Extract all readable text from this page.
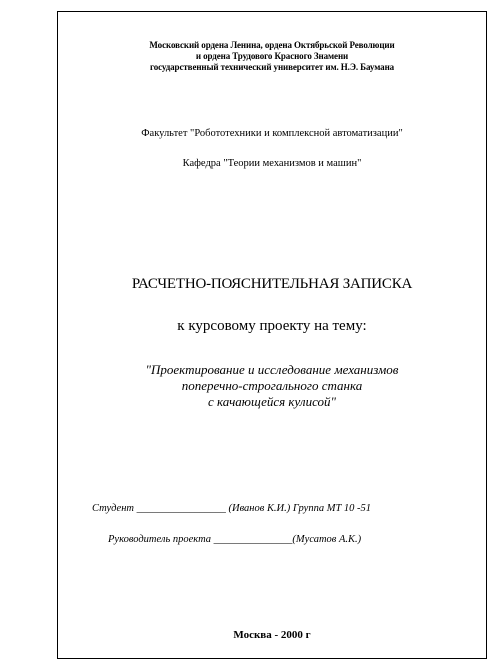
Московский ордена Ленина, ордена Октябрьской Революции
и ордена Трудового Красного Знамени
государственный технический университет им. Н.Э. Баумана
Факультет "Робототехники и комплексной автоматизации"
Кафедра "Теории механизмов и машин"
РАСЧЕТНО-ПОЯСНИТЕЛЬНАЯ ЗАПИСКА
к курсовому проекту на тему:
"Проектирование и исследование механизмов
поперечно-строгального станка
с качающейся кулисой"
Студент _________________ (Иванов К.И.) Группа МТ 10 -51
Руководитель проекта _______________(Мусатов А.К.)
Москва - 2000 г
